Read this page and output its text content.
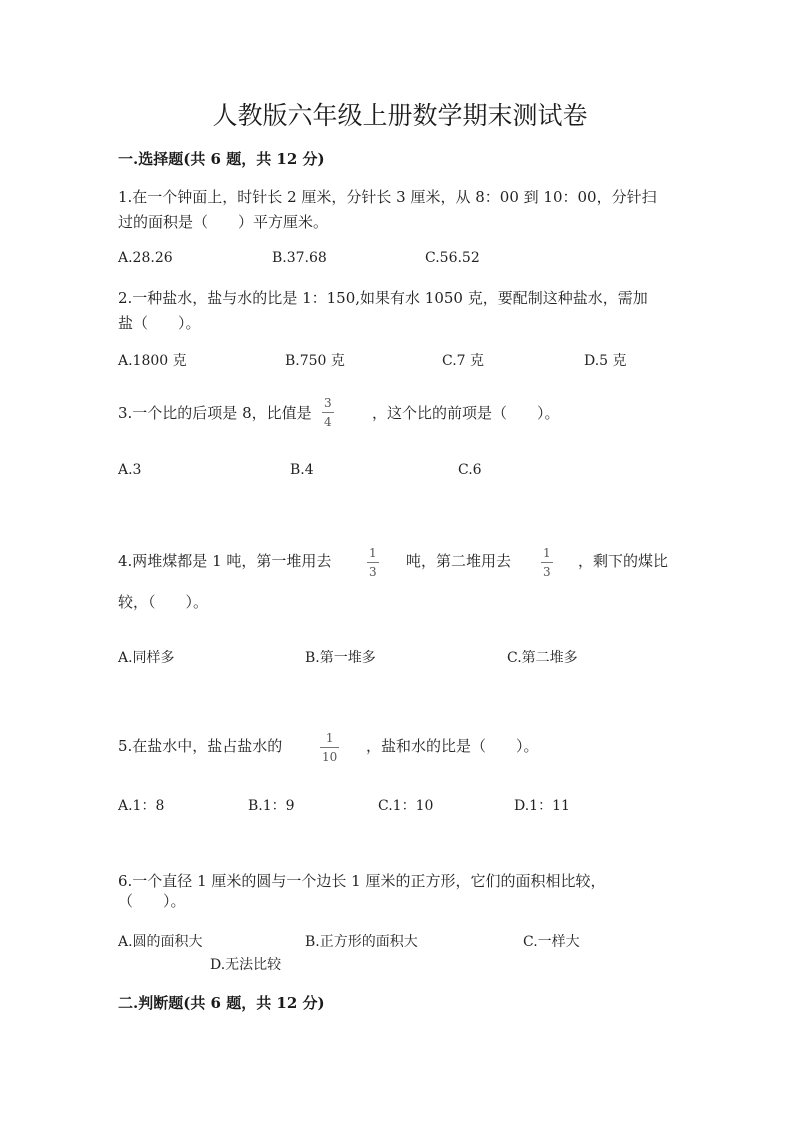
人教版六年级上册数学期末测试卷
一.选择题(共 6 题，共 12 分)
1.在一个钟面上，时针长 2 厘米，分针长 3 厘米，从 8：00 到 10：00，分针扫
过的面积是（　　）平方厘米。
A.28.26	B.37.68	C.56.52
2.一种盐水，盐与水的比是 1：150,如果有水 1050 克，要配制这种盐水，需加
盐（　　）。
A.1800 克	B.750 克	C.7 克	D.5 克
3.一个比的后项是 8，比值是
3
4	，这个比的前项是（　　）。
A.3	B.4	C.6
4.两堆煤都是 1 吨，第一堆用去	1
3
吨，第二堆用去	1
3
，剩下的煤比
较，（　　）。
A.同样多	B.第一堆多	C.第二堆多
5.在盐水中，盐占盐水的	1
10
，盐和水的比是（　　）。
A.1：8	B.1：9	C.1：10	D.1：11
6.一个直径 1 厘米的圆与一个边长 1 厘米的正方形，它们的面积相比较，
（　　）。
A.圆的面积大	B.正方形的面积大	C.一样大
D.无法比较
二.判断题(共 6 题，共 12 分)
